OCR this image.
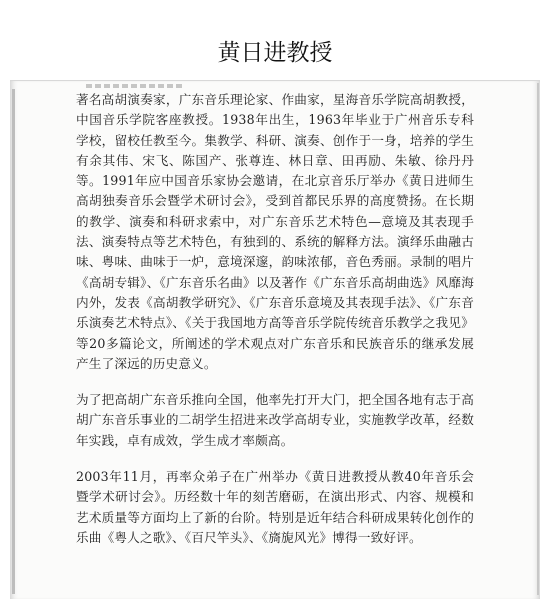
黄日进教授

著名高胡演奏家，广东音乐理论家、作曲家，星海音乐学院高胡教授，中国音乐学院客座教授。1938年出生，1963年毕业于广州音乐专科学校，留校任教至今。集教学、科研、演奏、创作于一身，培养的学生有余其伟、宋飞、陈国产、张尊连、林日章、田再励、朱敏、徐丹丹等。1991年应中国音乐家协会邀请，在北京音乐厅举办《黄日进师生高胡独奏音乐会暨学术研讨会》，受到首都民乐界的高度赞扬。在长期的教学、演奏和科研求索中，对广东音乐艺术特色—意境及其表现手法、演奏特点等艺术特色，有独到的、系统的解释方法。演绎乐曲融古味、粤味、曲味于一炉，意境深邃，韵味浓郁，音色秀丽。录制的唱片《高胡专辑》、《广东音乐名曲》以及著作《广东音乐高胡曲选》风靡海内外，发表《高胡教学研究》、《广东音乐意境及其表现手法》、《广东音乐演奏艺术特点》、《关于我国地方高等音乐学院传统音乐教学之我见》等20多篇论文，所阐述的学术观点对广东音乐和民族音乐的继承发展产生了深远的历史意义。

为了把高胡广东音乐推向全国，他率先打开大门，把全国各地有志于高胡广东音乐事业的二胡学生招进来改学高胡专业，实施教学改革，经数年实践，卓有成效，学生成才率颇高。

2003年11月，再率众弟子在广州举办《黄日进教授从教40年音乐会暨学术研讨会》。历经数十年的刻苦磨砺，在演出形式、内容、规模和艺术质量等方面均上了新的台阶。特别是近年结合科研成果转化创作的乐曲《粤人之歌》、《百尺竿头》、《旖旎风光》博得一致好评。
